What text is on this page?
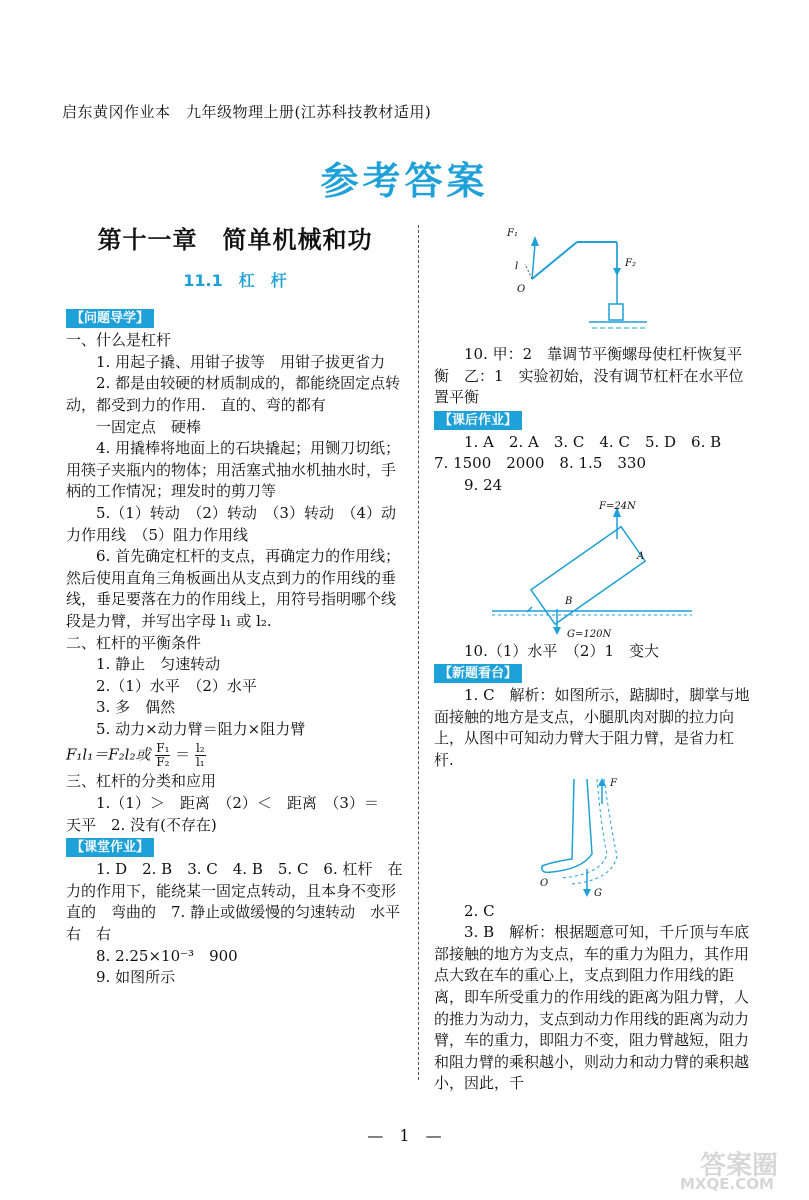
启东黄冈作业本　九年级物理上册(江苏科技教材适用)
参考答案
第十一章　简单机械和功
11.1　杠　杆
【问题导学】

一、什么是杠杆

1. 用起子撬、用钳子拔等　用钳子拔更省力

2. 都是由较硬的材质制成的，都能绕固定点转动，都受到力的作用.　直的、弯的都有

一固定点　硬棒

4. 用撬棒将地面上的石块撬起；用铡刀切纸；用筷子夹瓶内的物体；用活塞式抽水机抽水时，手柄的工作情况；理发时的剪刀等

5.（1）转动　（2）转动　（3）转动　（4）动力作用线　（5）阻力作用线

6. 首先确定杠杆的支点，再确定力的作用线；然后使用直角三角板画出从支点到力的作用线的垂线，垂足要落在力的作用线上，用符号指明哪个线段是力臂，并写出字母 l₁ 或 l₂.

二、杠杆的平衡条件

1. 静止　匀速转动

2.（1）水平　（2）水平

3. 多　偶然

5. 动力×动力臂＝阻力×阻力臂

F₁l₁＝F₂l₂或 $\frac{\text{F₁}}{\text{F₂}} = \frac{\text{l₂}}{\text{l₁}}$

三、杠杆的分类和应用

1.（1）＞　距离　（2）＜　距离　（3）＝　天平　2. 没有(不存在)

【课堂作业】

1. D　2. B　3. C　4. B　5. C　6. 杠杆　在力的作用下，能绕某一固定点转动，且本身不变形　直的　弯曲的　7. 静止或做缓慢的匀速转动　水平　右　右

8. 2.25×10⁻³　900

9. 如图所示

F₁
l
O
F₂

10. 甲：2　靠调节平衡螺母使杠杆恢复平衡　乙：1　实验初始，没有调节杠杆在水平位置平衡

【课后作业】

1. A　2. A　3. C　4. C　5. D　6. B

7. 1500　2000　8. 1.5　330

9. 24

F=24N
A
B
G=120N

10.（1）水平　（2）1　变大

【新题看台】

1. C　解析：如图所示，踮脚时，脚掌与地面接触的地方是支点，小腿肌肉对脚的拉力向上，从图中可知动力臂大于阻力臂，是省力杠杆.

F
O
G

2. C

3. B　解析：根据题意可知，千斤顶与车底部接触的地方为支点，车的重力为阻力，其作用点大致在车的重心上，支点到阻力作用线的距离，即车所受重力的作用线的距离为阻力臂，人的推力为动力，支点到动力作用线的距离为动力臂，车的重力，即阻力不变，阻力臂越短，阻力和阻力臂的乘积越小，则动力和动力臂的乘积越小，因此，千

—　1　—
答案圈
MXQE.COM
